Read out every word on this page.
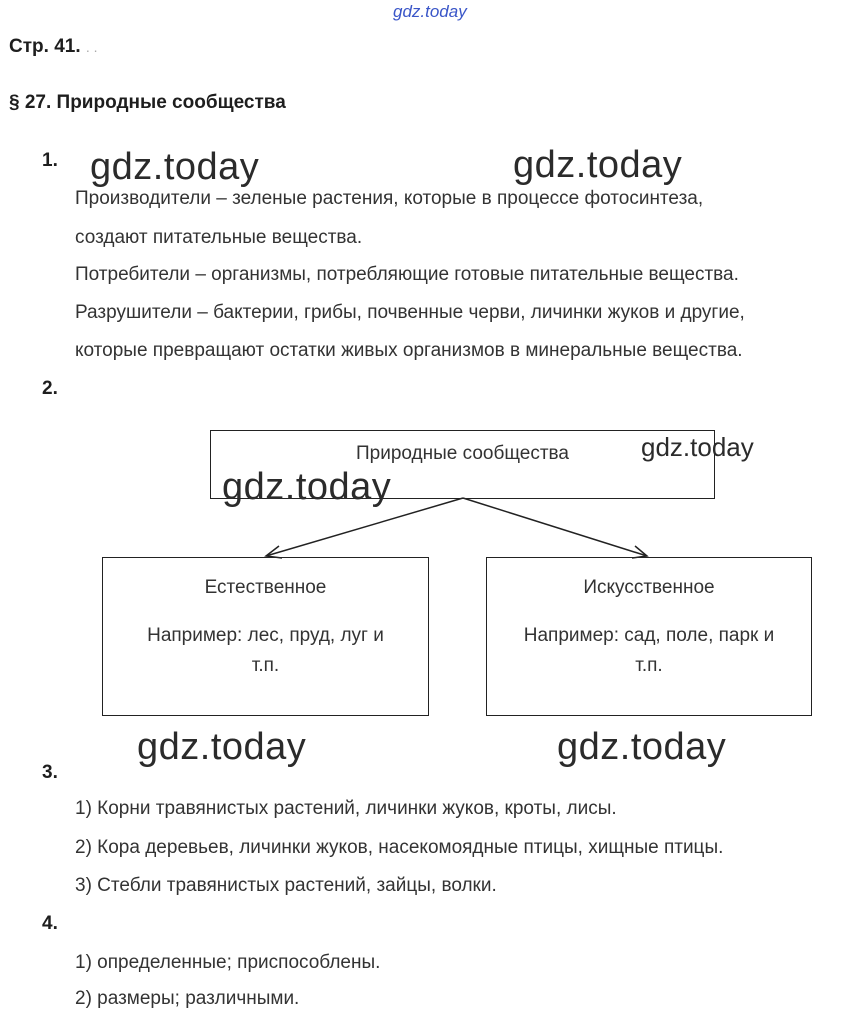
gdz.today
Стр. 41. . .
§ 27. Природные сообщества
1. gdz.today	gdz.today
Производители – зеленые растения, которые в процессе фотосинтеза,
создают питательные вещества.
Потребители – организмы, потребляющие готовые питательные вещества.
Разрушители – бактерии, грибы, почвенные черви, личинки жуков и другие,
которые превращают остатки живых организмов в минеральные вещества.
2.
Природные сообщества	gdz.today
gdz.today
Естественное
Например: лес, пруд, луг и
т.п.
Искусственное
Например: сад, поле, парк и
т.п.
gdz.today	gdz.today
3.
1) Корни травянистых растений, личинки жуков, кроты, лисы.
2) Кора деревьев, личинки жуков, насекомоядные птицы, хищные птицы.
3) Стебли травянистых растений, зайцы, волки.
4.
1) определенные; приспособлены.
2) размеры; различными.
